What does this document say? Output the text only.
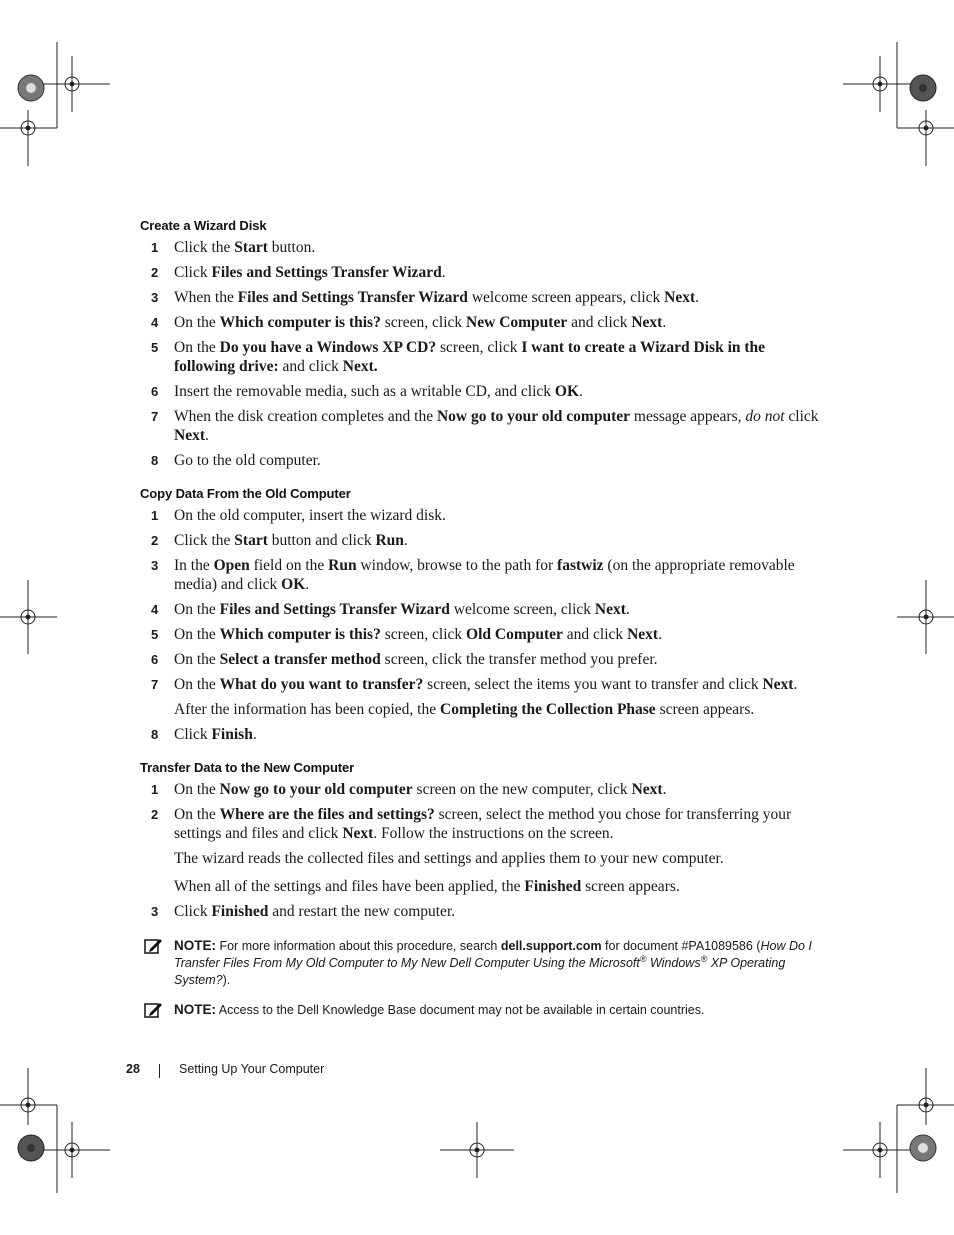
Create a Wizard Disk
1 Click the Start button.
2 Click Files and Settings Transfer Wizard.
3 When the Files and Settings Transfer Wizard welcome screen appears, click Next.
4 On the Which computer is this? screen, click New Computer and click Next.
5 On the Do you have a Windows XP CD? screen, click I want to create a Wizard Disk in the following drive: and click Next.
6 Insert the removable media, such as a writable CD, and click OK.
7 When the disk creation completes and the Now go to your old computer message appears, do not click Next.
8 Go to the old computer.
Copy Data From the Old Computer
1 On the old computer, insert the wizard disk.
2 Click the Start button and click Run.
3 In the Open field on the Run window, browse to the path for fastwiz (on the appropriate removable media) and click OK.
4 On the Files and Settings Transfer Wizard welcome screen, click Next.
5 On the Which computer is this? screen, click Old Computer and click Next.
6 On the Select a transfer method screen, click the transfer method you prefer.
7 On the What do you want to transfer? screen, select the items you want to transfer and click Next.
After the information has been copied, the Completing the Collection Phase screen appears.
8 Click Finish.
Transfer Data to the New Computer
1 On the Now go to your old computer screen on the new computer, click Next.
2 On the Where are the files and settings? screen, select the method you chose for transferring your settings and files and click Next. Follow the instructions on the screen.
The wizard reads the collected files and settings and applies them to your new computer.
When all of the settings and files have been applied, the Finished screen appears.
3 Click Finished and restart the new computer.
NOTE: For more information about this procedure, search dell.support.com for document #PA1089586 (How Do I Transfer Files From My Old Computer to My New Dell Computer Using the Microsoft® Windows® XP Operating System?).
NOTE: Access to the Dell Knowledge Base document may not be available in certain countries.
28	Setting Up Your Computer
